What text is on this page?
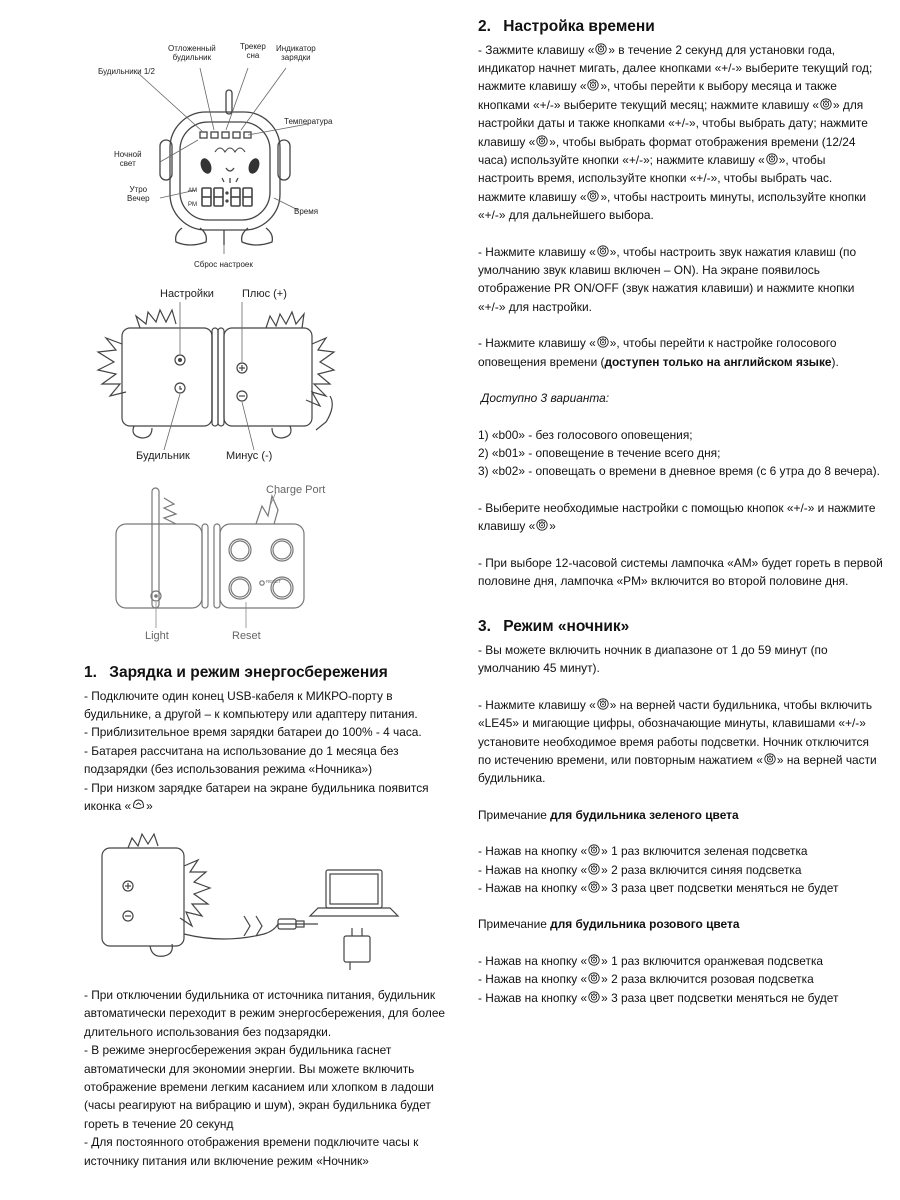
Отложенный
будильник
Трекер
сна
Индикатор
зарядки
Будильники 1/2
Температура
Ночной
свет
Утро
Вечер
AM
PM
Время
Сброс настроек
Настройки	Плюс (+)
Будильник	Минус (-)
Charge Port
RESET
Light	Reset
1. Зарядка и режим энергосбережения

- Подключите один конец USB-кабеля к МИКРО-порту в будильнике, а другой – к компьютеру или адаптеру питания.

- Приблизительное время зарядки батареи до 100% - 4 часа.

- Батарея рассчитана на использование до 1 месяца без подзарядки (без использования режима «Ночника»)

- При низком зарядке батареи на экране будильника появится иконка « »

- При отключении будильника от источника питания, будильник автоматически переходит в режим энергосбережения, для более длительного использования без подзарядки.

- В режиме энергосбережения экран будильника гаснет автоматически для экономии энергии. Вы можете включить отображение времени легким касанием или хлопком в ладоши (часы реагируют на вибрацию и шум), экран будильника будет гореть в течение 20 секунд

- Для постоянного отображения времени подключите часы к источнику питания или включение режим «Ночник»

2. Настройка времени

- Зажмите клавишу « » в течение 2 секунд для установки года, индикатор начнет мигать, далее кнопками «+/-» выберите текущий год; нажмите клавишу « », чтобы перейти к выбору месяца и также кнопками «+/-» выберите текущий месяц; нажмите клавишу « » для настройки даты и также кнопками «+/-», чтобы выбрать дату; нажмите клавишу « », чтобы выбрать формат отображения времени (12/24 часа) используйте кнопки «+/-»; нажмите клавишу « », чтобы настроить время, используйте кнопки «+/-», чтобы выбрать час. нажмите клавишу « », чтобы настроить минуты, используйте кнопки «+/-» для дальнейшего выбора.

- Нажмите клавишу « », чтобы настроить звук нажатия клавиш (по умолчанию звук клавиш включен – ON). На экране появилось отображение PR ON/OFF (звук нажатия клавиши) и нажмите кнопки «+/-» для настройки.

- Нажмите клавишу « », чтобы перейти к настройке голосового оповещения времени (доступен только на английском языке).

Доступно 3 варианта:

1) «b00» - без голосового оповещения;

2) «b01» - оповещение в течение всего дня;

3) «b02» - оповещать о времени в дневное время (с 6 утра до 8 вечера).

- Выберите необходимые настройки с помощью кнопок «+/-» и нажмите клавишу « »

- При выборе 12-часовой системы лампочка «AM» будет гореть в первой половине дня, лампочка «PM» включится во второй половине дня.

3. Режим «ночник»

- Вы можете включить ночник в диапазоне от 1 до 59 минут (по умолчанию 45 минут).

- Нажмите клавишу « » на верней части будильника, чтобы включить «LE45» и мигающие цифры, обозначающие минуты, клавишами «+/-» установите необходимое время работы подсветки. Ночник отключится по истечению времени, или повторным нажатием « » на верней части будильника.

Примечание для будильника зеленого цвета

- Нажав на кнопку « » 1 раз включится зеленая подсветка

- Нажав на кнопку « » 2 раза включится синяя подсветка

- Нажав на кнопку « » 3 раза цвет подсветки меняться не будет

Примечание для будильника розового цвета

- Нажав на кнопку « » 1 раз включится оранжевая подсветка

- Нажав на кнопку « » 2 раза включится розовая подсветка

- Нажав на кнопку « » 3 раза цвет подсветки меняться не будет
